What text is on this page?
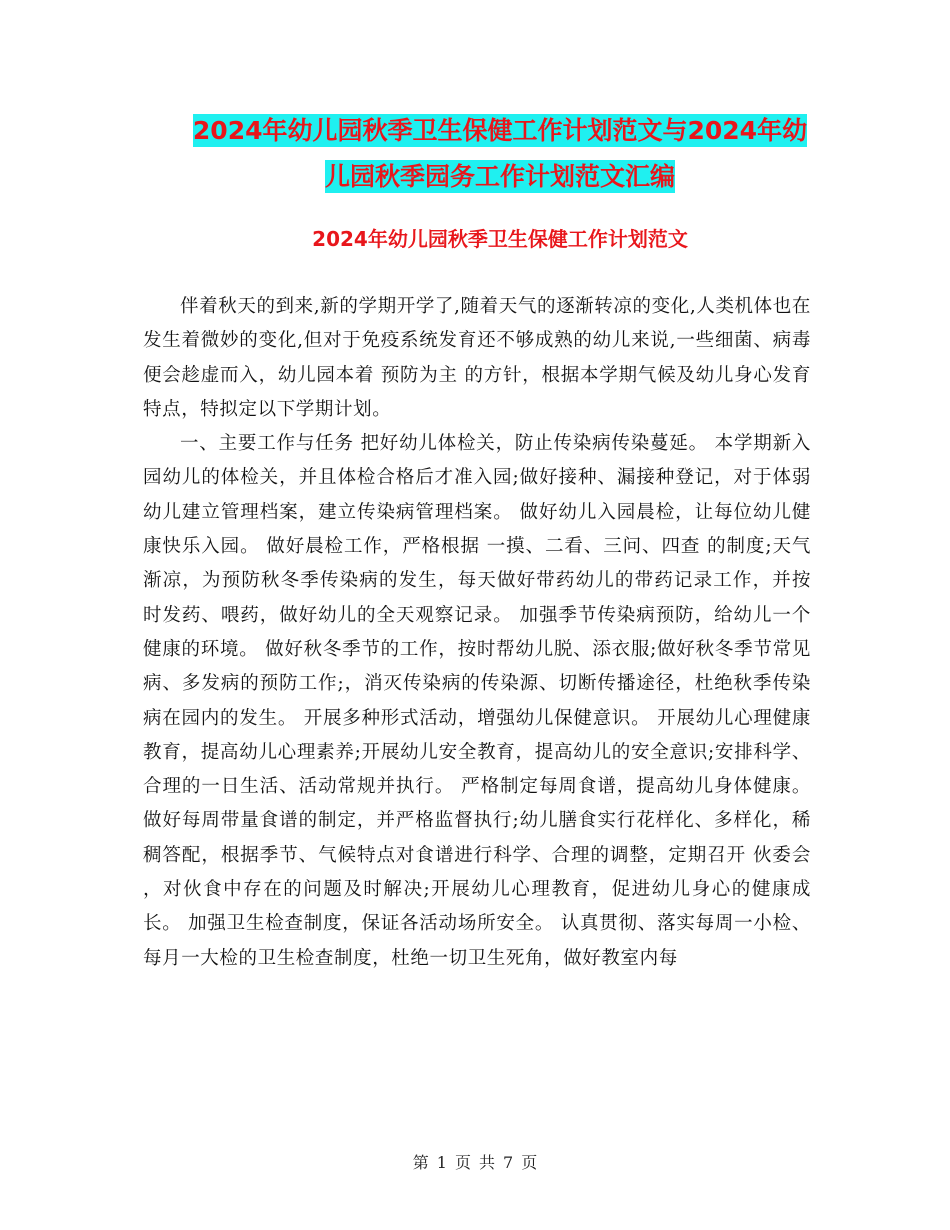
2024年幼儿园秋季卫生保健工作计划范文与2024年幼
儿园秋季园务工作计划范文汇编
2024年幼儿园秋季卫生保健工作计划范文

伴着秋天的到来,新的学期开学了,随着天气的逐渐转凉的变化,人类机体也在发生着微妙的变化,但对于免疫系统发育还不够成熟的幼儿来说,一些细菌、病毒便会趁虚而入，幼儿园本着 预防为主 的方针，根据本学期气候及幼儿身心发育特点，特拟定以下学期计划。

一、主要工作与任务 把好幼儿体检关，防止传染病传染蔓延。 本学期新入园幼儿的体检关，并且体检合格后才准入园;做好接种、漏接种登记，对于体弱幼儿建立管理档案，建立传染病管理档案。 做好幼儿入园晨检，让每位幼儿健康快乐入园。 做好晨检工作，严格根据 一摸、二看、三问、四查 的制度;天气渐凉，为预防秋冬季传染病的发生，每天做好带药幼儿的带药记录工作，并按时发药、喂药，做好幼儿的全天观察记录。 加强季节传染病预防，给幼儿一个健康的环境。 做好秋冬季节的工作，按时帮幼儿脱、添衣服;做好秋冬季节常见病、多发病的预防工作;，消灭传染病的传染源、切断传播途径，杜绝秋季传染病在园内的发生。 开展多种形式活动，增强幼儿保健意识。 开展幼儿心理健康教育，提高幼儿心理素养;开展幼儿安全教育，提高幼儿的安全意识;安排科学、合理的一日生活、活动常规并执行。 严格制定每周食谱，提高幼儿身体健康。 做好每周带量食谱的制定，并严格监督执行;幼儿膳食实行花样化、多样化，稀稠答配，根据季节、气候特点对食谱进行科学、合理的调整，定期召开 伙委会 ，对伙食中存在的问题及时解决;开展幼儿心理教育，促进幼儿身心的健康成长。 加强卫生检查制度，保证各活动场所安全。 认真贯彻、落实每周一小检、每月一大检的卫生检查制度，杜绝一切卫生死角，做好教室内每

第 1 页 共 7 页
